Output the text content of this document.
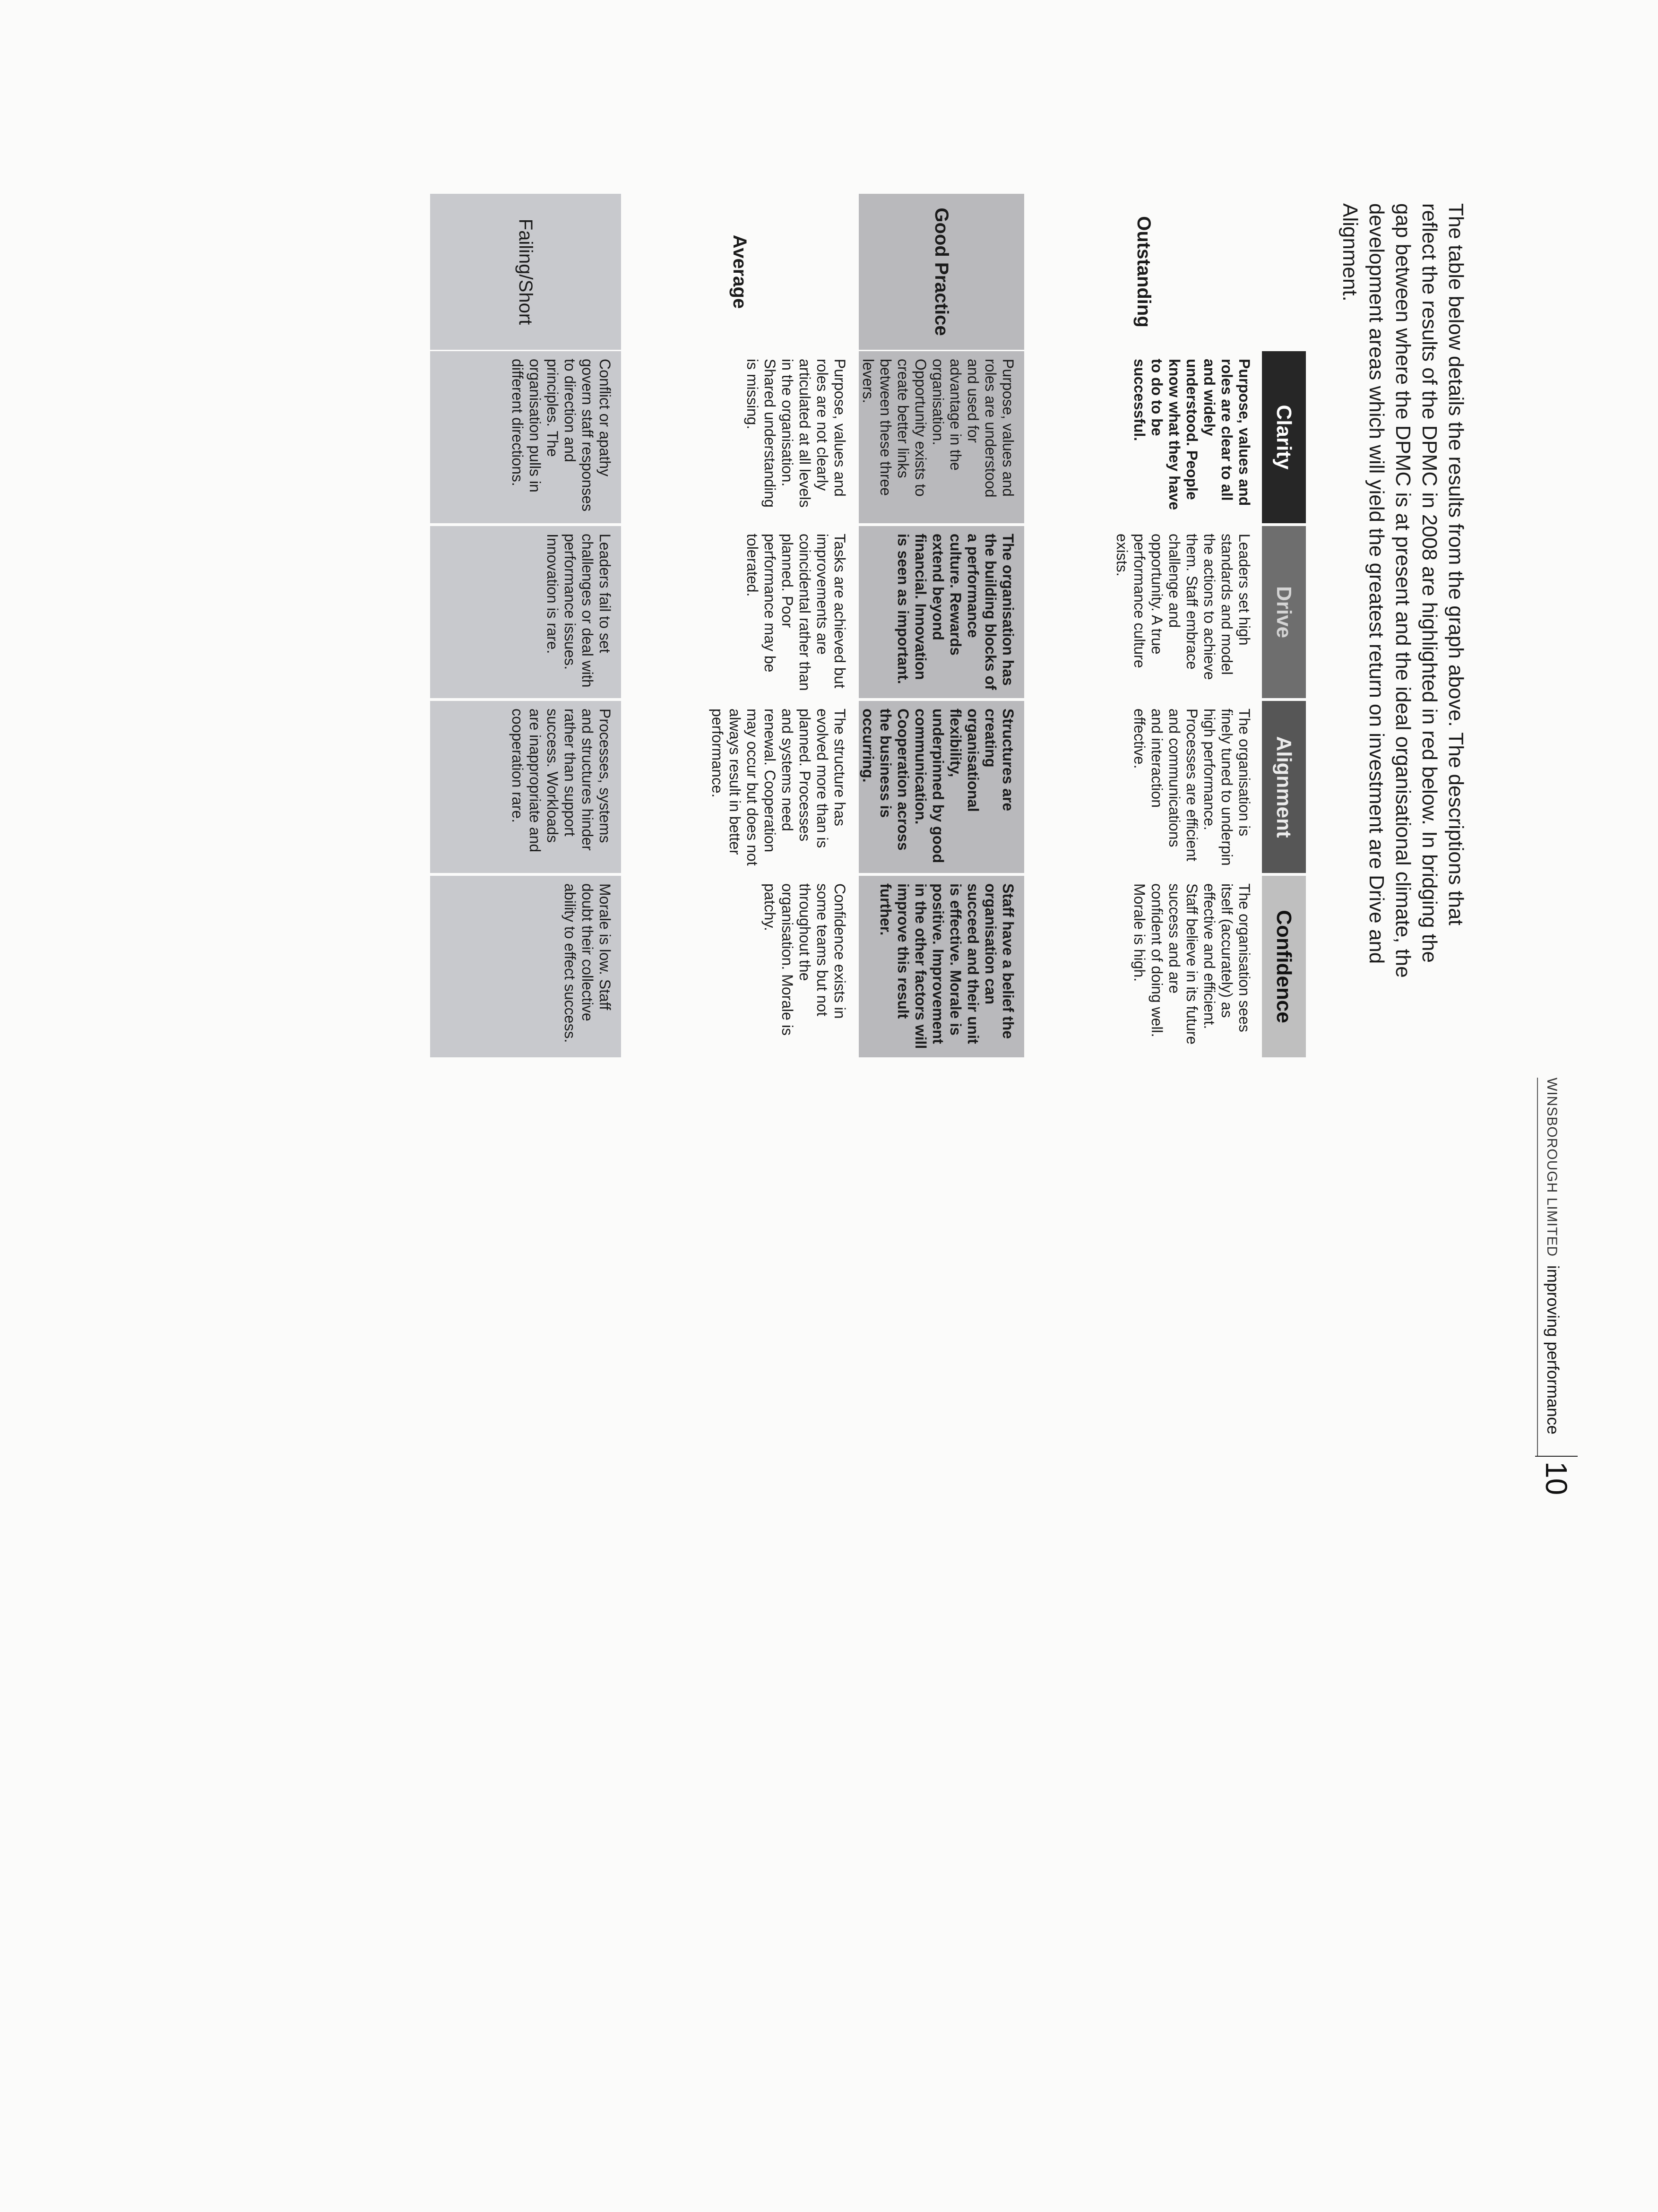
The table below details the results from the graph above. The descriptions that reflect the results of the DPMC in 2008 are highlighted in red below. In bridging the gap between where the DPMC is at present and the ideal organisational climate, the development areas which will yield the greatest return on investment are Drive and Alignment.

Clarity
Drive
Alignment
Confidence
Outstanding
Purpose, values and roles are clear to all and widely understood. People know what they have to do to be successful.
Leaders set high standards and model the actions to achieve them. Staff embrace challenge and opportunity. A true performance culture exists.
The organisation is finely tuned to underpin high performance. Processes are efficient and communications and interaction effective.
The organisation sees itself (accurately) as effective and efficient. Staff believe in its future success and are confident of doing well. Morale is high.
Good Practice
Purpose, values and roles are understood and used for advantage in the organisation. Opportunity exists to create better links between these three levers.
The organisation has the building blocks of a performance culture. Rewards extend beyond financial. Innovation is seen as important.
Structures are creating organisational flexibility, underpinned by good communication. Cooperation across the business is occurring.
Staff have a belief the organisation can succeed and their unit is effective. Morale is positive. Improvement in the other factors will improve this result further.
Average
Purpose, values and roles are not clearly articulated at all levels in the organisation. Shared understanding is missing.
Tasks are achieved but improvements are coincidental rather than planned. Poor performance may be tolerated.
The structure has evolved more than is planned. Processes and systems need renewal. Cooperation may occur but does not always result in better performance.
Confidence exists in some teams but not throughout the organisation. Morale is patchy.
Failing/Short
Conflict or apathy govern staff responses to direction and principles. The organisation pulls in different directions.
Leaders fail to set challenges or deal with performance issues. Innovation is rare.
Processes, systems and structures hinder rather than support success. Workloads are inappropriate and cooperation rare.
Morale is low. Staff doubt their collective ability to effect success.
WINSBOROUGH LIMITEDimproving performance
10
